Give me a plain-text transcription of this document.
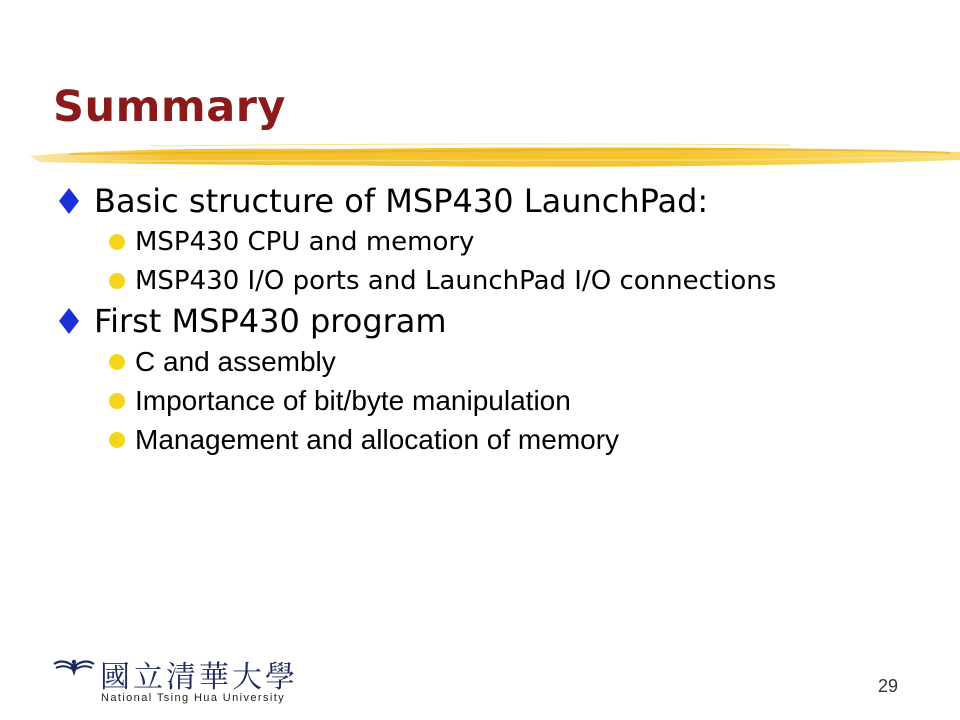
Summary
Basic structure of MSP430 LaunchPad:
MSP430 CPU and memory
MSP430 I/O ports and LaunchPad I/O connections
First MSP430 program
C and assembly
Importance of bit/byte manipulation
Management and allocation of memory
國立清華大學
National Tsing Hua University
29
